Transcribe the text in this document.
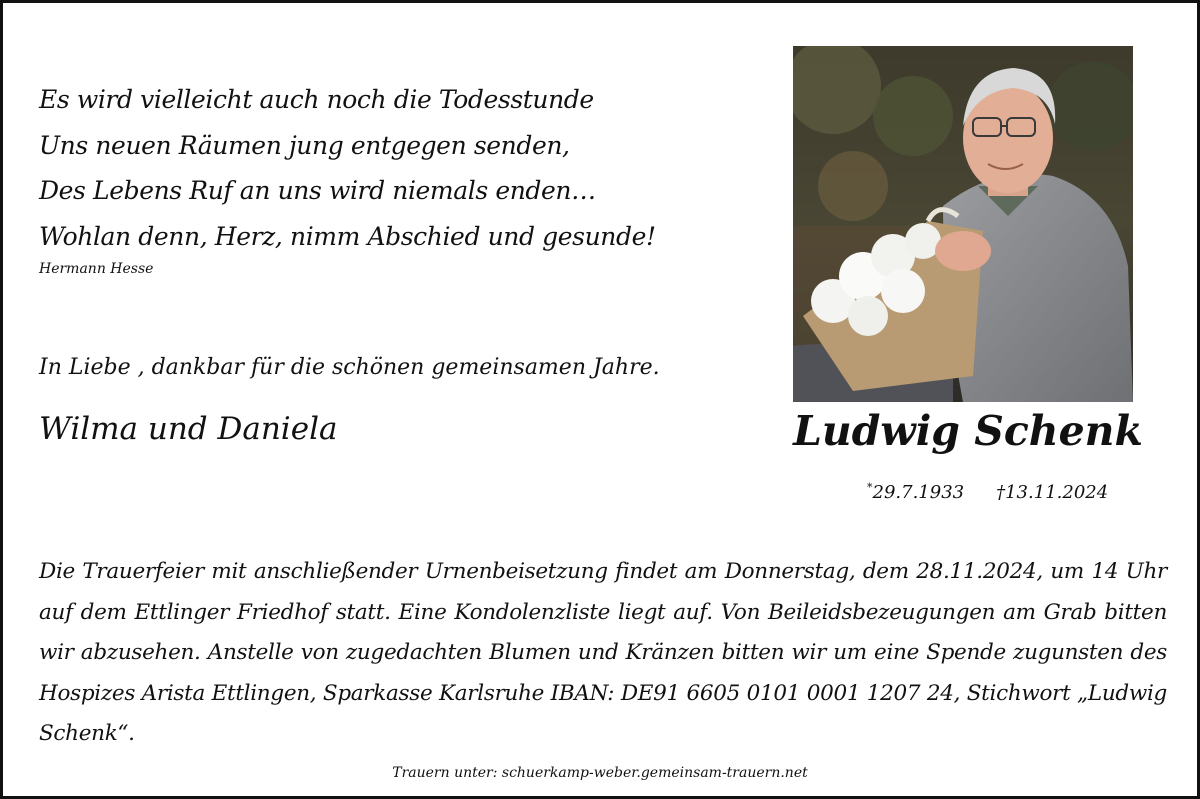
Es wird vielleicht auch noch die Todesstunde
Uns neuen Räumen jung entgegen senden,
Des Lebens Ruf an uns wird niemals enden…
Wohlan denn, Herz, nimm Abschied und gesunde!
Hermann Hesse
In Liebe , dankbar für die schönen gemeinsamen Jahre.
Wilma und Daniela	Ludwig Schenk
*29.7.1933 †13.11.2024
Die Trauerfeier mit anschließender Urnenbeisetzung findet am Donnerstag, dem 28.11.2024, um 14 Uhr auf dem Ettlinger Friedhof statt. Eine Kondolenzliste liegt auf. Von Beileidsbezeugungen am Grab bitten wir abzusehen. Anstelle von zugedachten Blumen und Kränzen bitten wir um eine Spende zugunsten des Hospizes Arista Ettlingen, Sparkasse Karlsruhe IBAN: DE91 6605 0101 0001 1207 24, Stichwort „Ludwig Schenk“.
Trauern unter: schuerkamp-weber.gemeinsam-trauern.net
